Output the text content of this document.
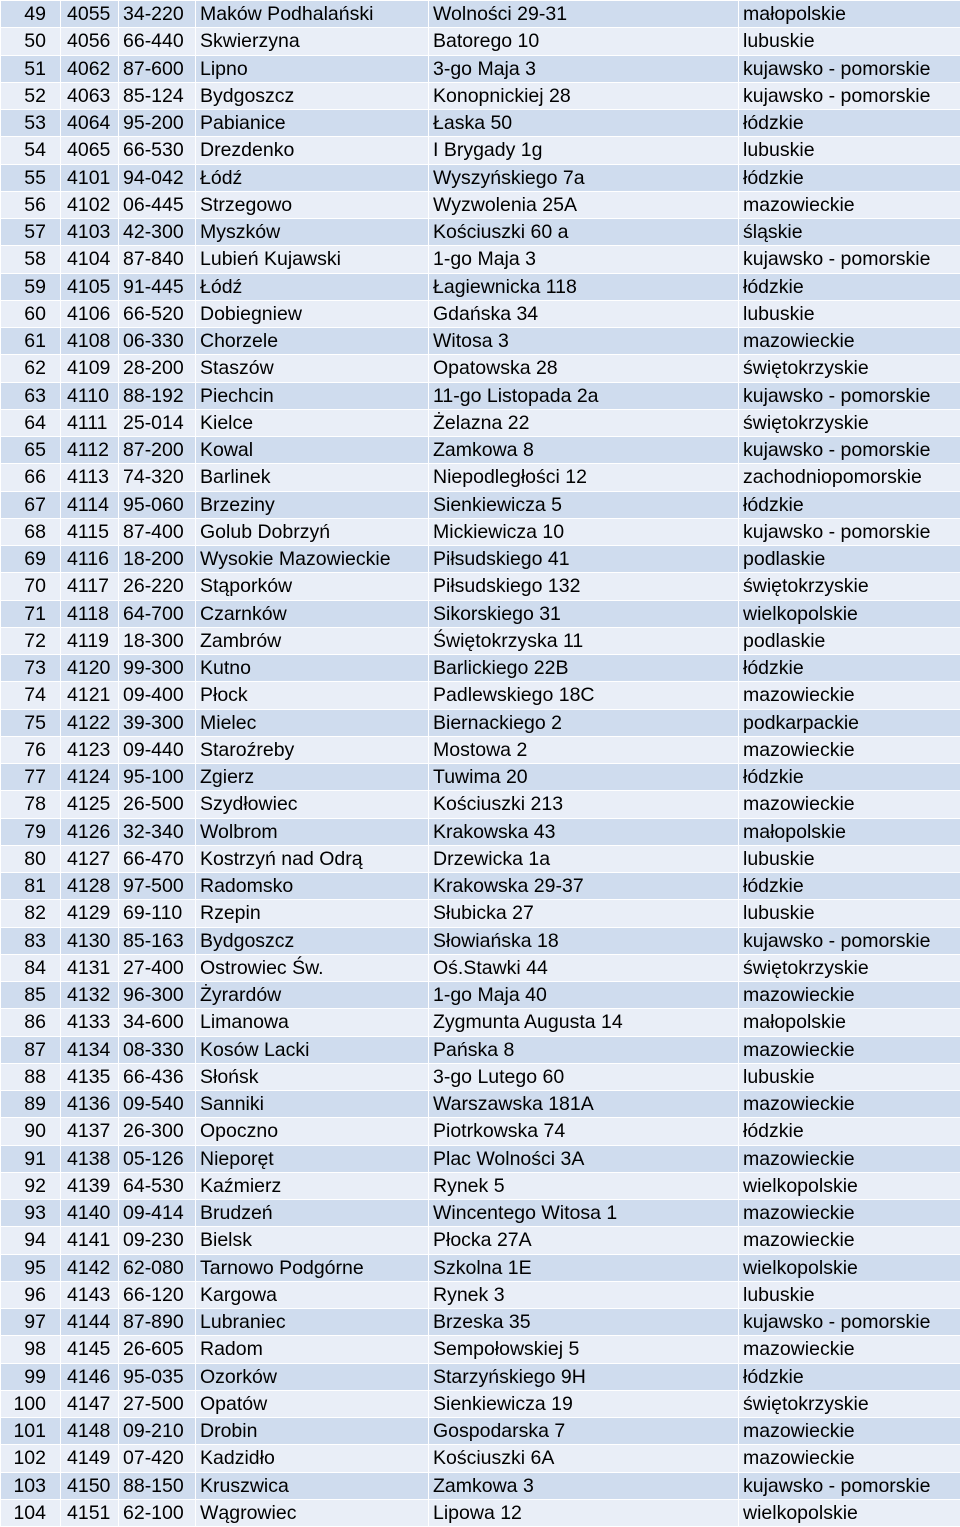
49	4055	34-220	Maków Podhalański	Wolności 29-31	małopolskie
50	4056	66-440	Skwierzyna	Batorego 10	lubuskie
51	4062	87-600	Lipno	3-go Maja 3	kujawsko - pomorskie
52	4063	85-124	Bydgoszcz	Konopnickiej 28	kujawsko - pomorskie
53	4064	95-200	Pabianice	Łaska 50	łódzkie
54	4065	66-530	Drezdenko	I Brygady 1g	lubuskie
55	4101	94-042	Łódź	Wyszyńskiego 7a	łódzkie
56	4102	06-445	Strzegowo	Wyzwolenia 25A	mazowieckie
57	4103	42-300	Myszków	Kościuszki 60 a	śląskie
58	4104	87-840	Lubień Kujawski	1-go Maja 3	kujawsko - pomorskie
59	4105	91-445	Łódź	Łagiewnicka 118	łódzkie
60	4106	66-520	Dobiegniew	Gdańska 34	lubuskie
61	4108	06-330	Chorzele	Witosa 3	mazowieckie
62	4109	28-200	Staszów	Opatowska 28	świętokrzyskie
63	4110	88-192	Piechcin	11-go Listopada 2a	kujawsko - pomorskie
64	4111	25-014	Kielce	Żelazna 22	świętokrzyskie
65	4112	87-200	Kowal	Zamkowa 8	kujawsko - pomorskie
66	4113	74-320	Barlinek	Niepodległości 12	zachodniopomorskie
67	4114	95-060	Brzeziny	Sienkiewicza 5	łódzkie
68	4115	87-400	Golub Dobrzyń	Mickiewicza 10	kujawsko - pomorskie
69	4116	18-200	Wysokie Mazowieckie	Piłsudskiego 41	podlaskie
70	4117	26-220	Stąporków	Piłsudskiego 132	świętokrzyskie
71	4118	64-700	Czarnków	Sikorskiego 31	wielkopolskie
72	4119	18-300	Zambrów	Świętokrzyska 11	podlaskie
73	4120	99-300	Kutno	Barlickiego 22B	łódzkie
74	4121	09-400	Płock	Padlewskiego 18C	mazowieckie
75	4122	39-300	Mielec	Biernackiego 2	podkarpackie
76	4123	09-440	Staroźreby	Mostowa 2	mazowieckie
77	4124	95-100	Zgierz	Tuwima 20	łódzkie
78	4125	26-500	Szydłowiec	Kościuszki 213	mazowieckie
79	4126	32-340	Wolbrom	Krakowska 43	małopolskie
80	4127	66-470	Kostrzyń nad Odrą	Drzewicka 1a	lubuskie
81	4128	97-500	Radomsko	Krakowska 29-37	łódzkie
82	4129	69-110	Rzepin	Słubicka 27	lubuskie
83	4130	85-163	Bydgoszcz	Słowiańska 18	kujawsko - pomorskie
84	4131	27-400	Ostrowiec Św.	Oś.Stawki 44	świętokrzyskie
85	4132	96-300	Żyrardów	1-go Maja 40	mazowieckie
86	4133	34-600	Limanowa	Zygmunta Augusta 14	małopolskie
87	4134	08-330	Kosów Lacki	Pańska 8	mazowieckie
88	4135	66-436	Słońsk	3-go Lutego 60	lubuskie
89	4136	09-540	Sanniki	Warszawska 181A	mazowieckie
90	4137	26-300	Opoczno	Piotrkowska 74	łódzkie
91	4138	05-126	Nieporęt	Plac Wolności 3A	mazowieckie
92	4139	64-530	Kaźmierz	Rynek 5	wielkopolskie
93	4140	09-414	Brudzeń	Wincentego Witosa 1	mazowieckie
94	4141	09-230	Bielsk	Płocka 27A	mazowieckie
95	4142	62-080	Tarnowo Podgórne	Szkolna 1E	wielkopolskie
96	4143	66-120	Kargowa	Rynek 3	lubuskie
97	4144	87-890	Lubraniec	Brzeska 35	kujawsko - pomorskie
98	4145	26-605	Radom	Sempołowskiej 5	mazowieckie
99	4146	95-035	Ozorków	Starzyńskiego 9H	łódzkie
100	4147	27-500	Opatów	Sienkiewicza 19	świętokrzyskie
101	4148	09-210	Drobin	Gospodarska 7	mazowieckie
102	4149	07-420	Kadzidło	Kościuszki 6A	mazowieckie
103	4150	88-150	Kruszwica	Zamkowa 3	kujawsko - pomorskie
104	4151	62-100	Wągrowiec	Lipowa 12	wielkopolskie
